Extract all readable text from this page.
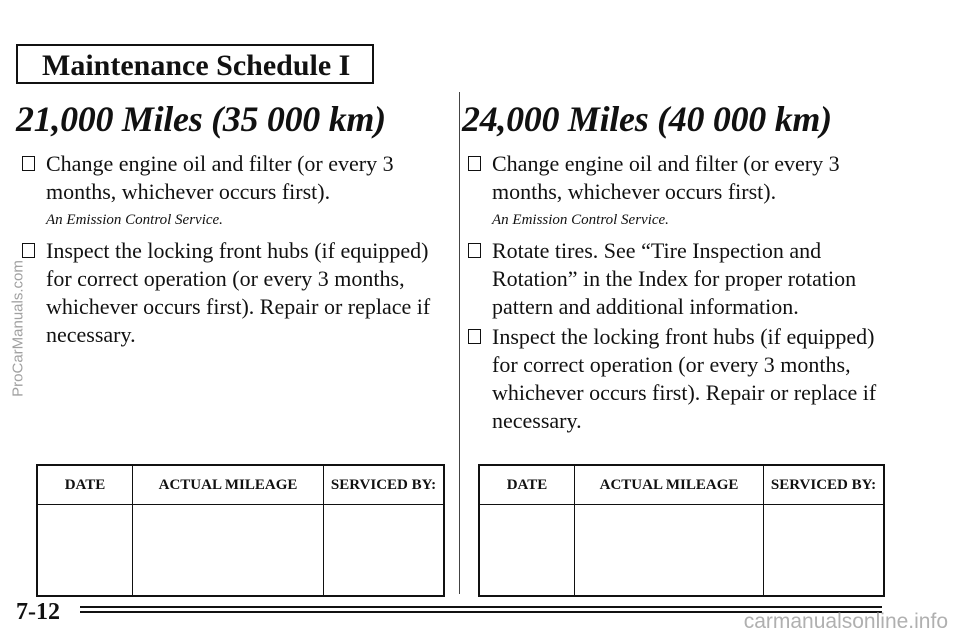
Maintenance Schedule I
21,000 Miles (35 000 km)
Change engine oil and filter (or every 3 months, whichever occurs first).
An Emission Control Service.
Inspect the locking front hubs (if equipped) for correct operation (or every 3 months, whichever occurs first). Repair or replace if necessary.
24,000 Miles (40 000 km)
Change engine oil and filter (or every 3 months, whichever occurs first).
An Emission Control Service.
Rotate tires. See “Tire Inspection and Rotation” in the Index for proper rotation pattern and additional information.
Inspect the locking front hubs (if equipped) for correct operation (or every 3 months, whichever occurs first). Repair or replace if necessary.
DATE	ACTUAL MILEAGE	SERVICED BY:
			DATE	ACTUAL MILEAGE	SERVICED BY:

7-12
ProCarManuals.com
carmanualsonline.info
